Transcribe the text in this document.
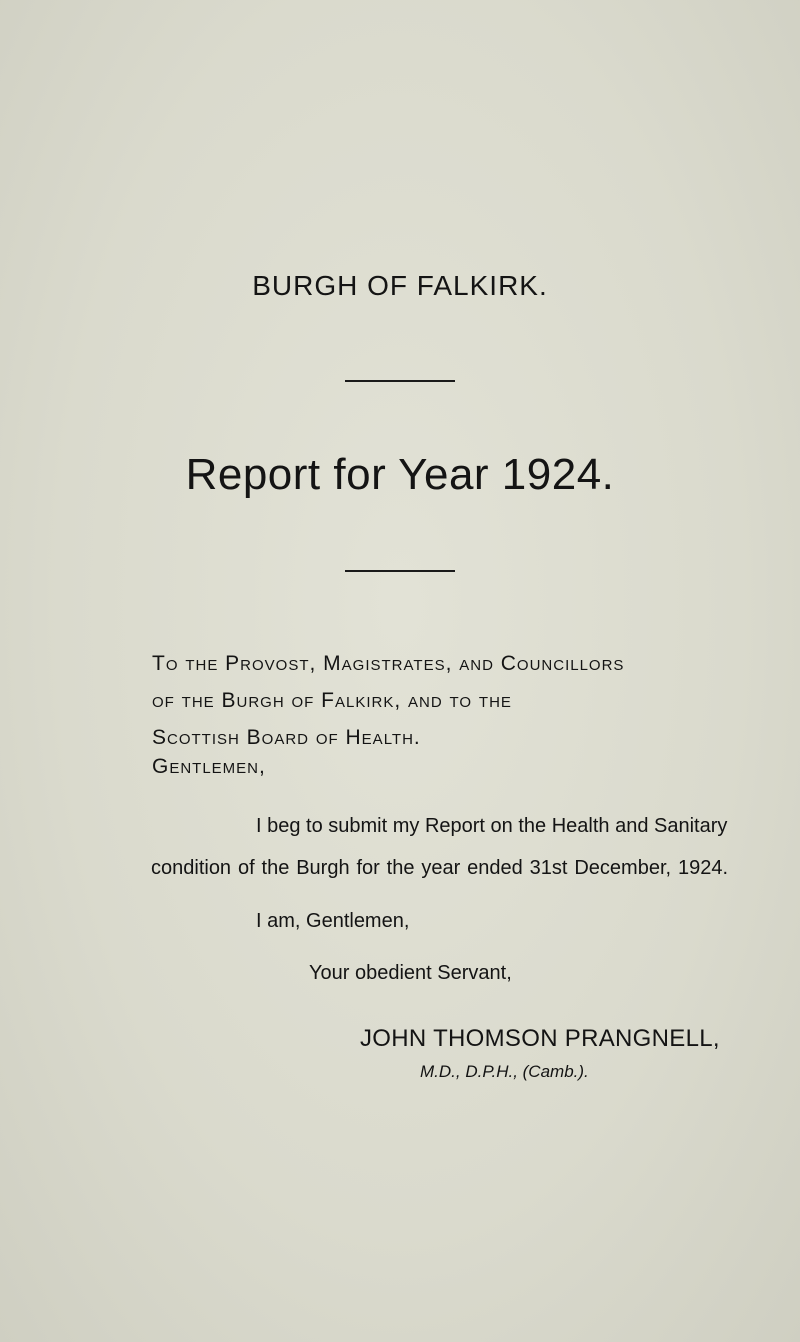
BURGH OF FALKIRK.
Report for Year 1924.
To the Provost, Magistrates, and Councillors
of the Burgh of Falkirk, and to the
Scottish Board of Health.
Gentlemen,
I beg to submit my Report on the Health and Sanitary
condition of the Burgh for the year ended 31st December, 1924.
I am, Gentlemen,
Your obedient Servant,
JOHN THOMSON PRANGNELL,
M.D., D.P.H., (Camb.).
